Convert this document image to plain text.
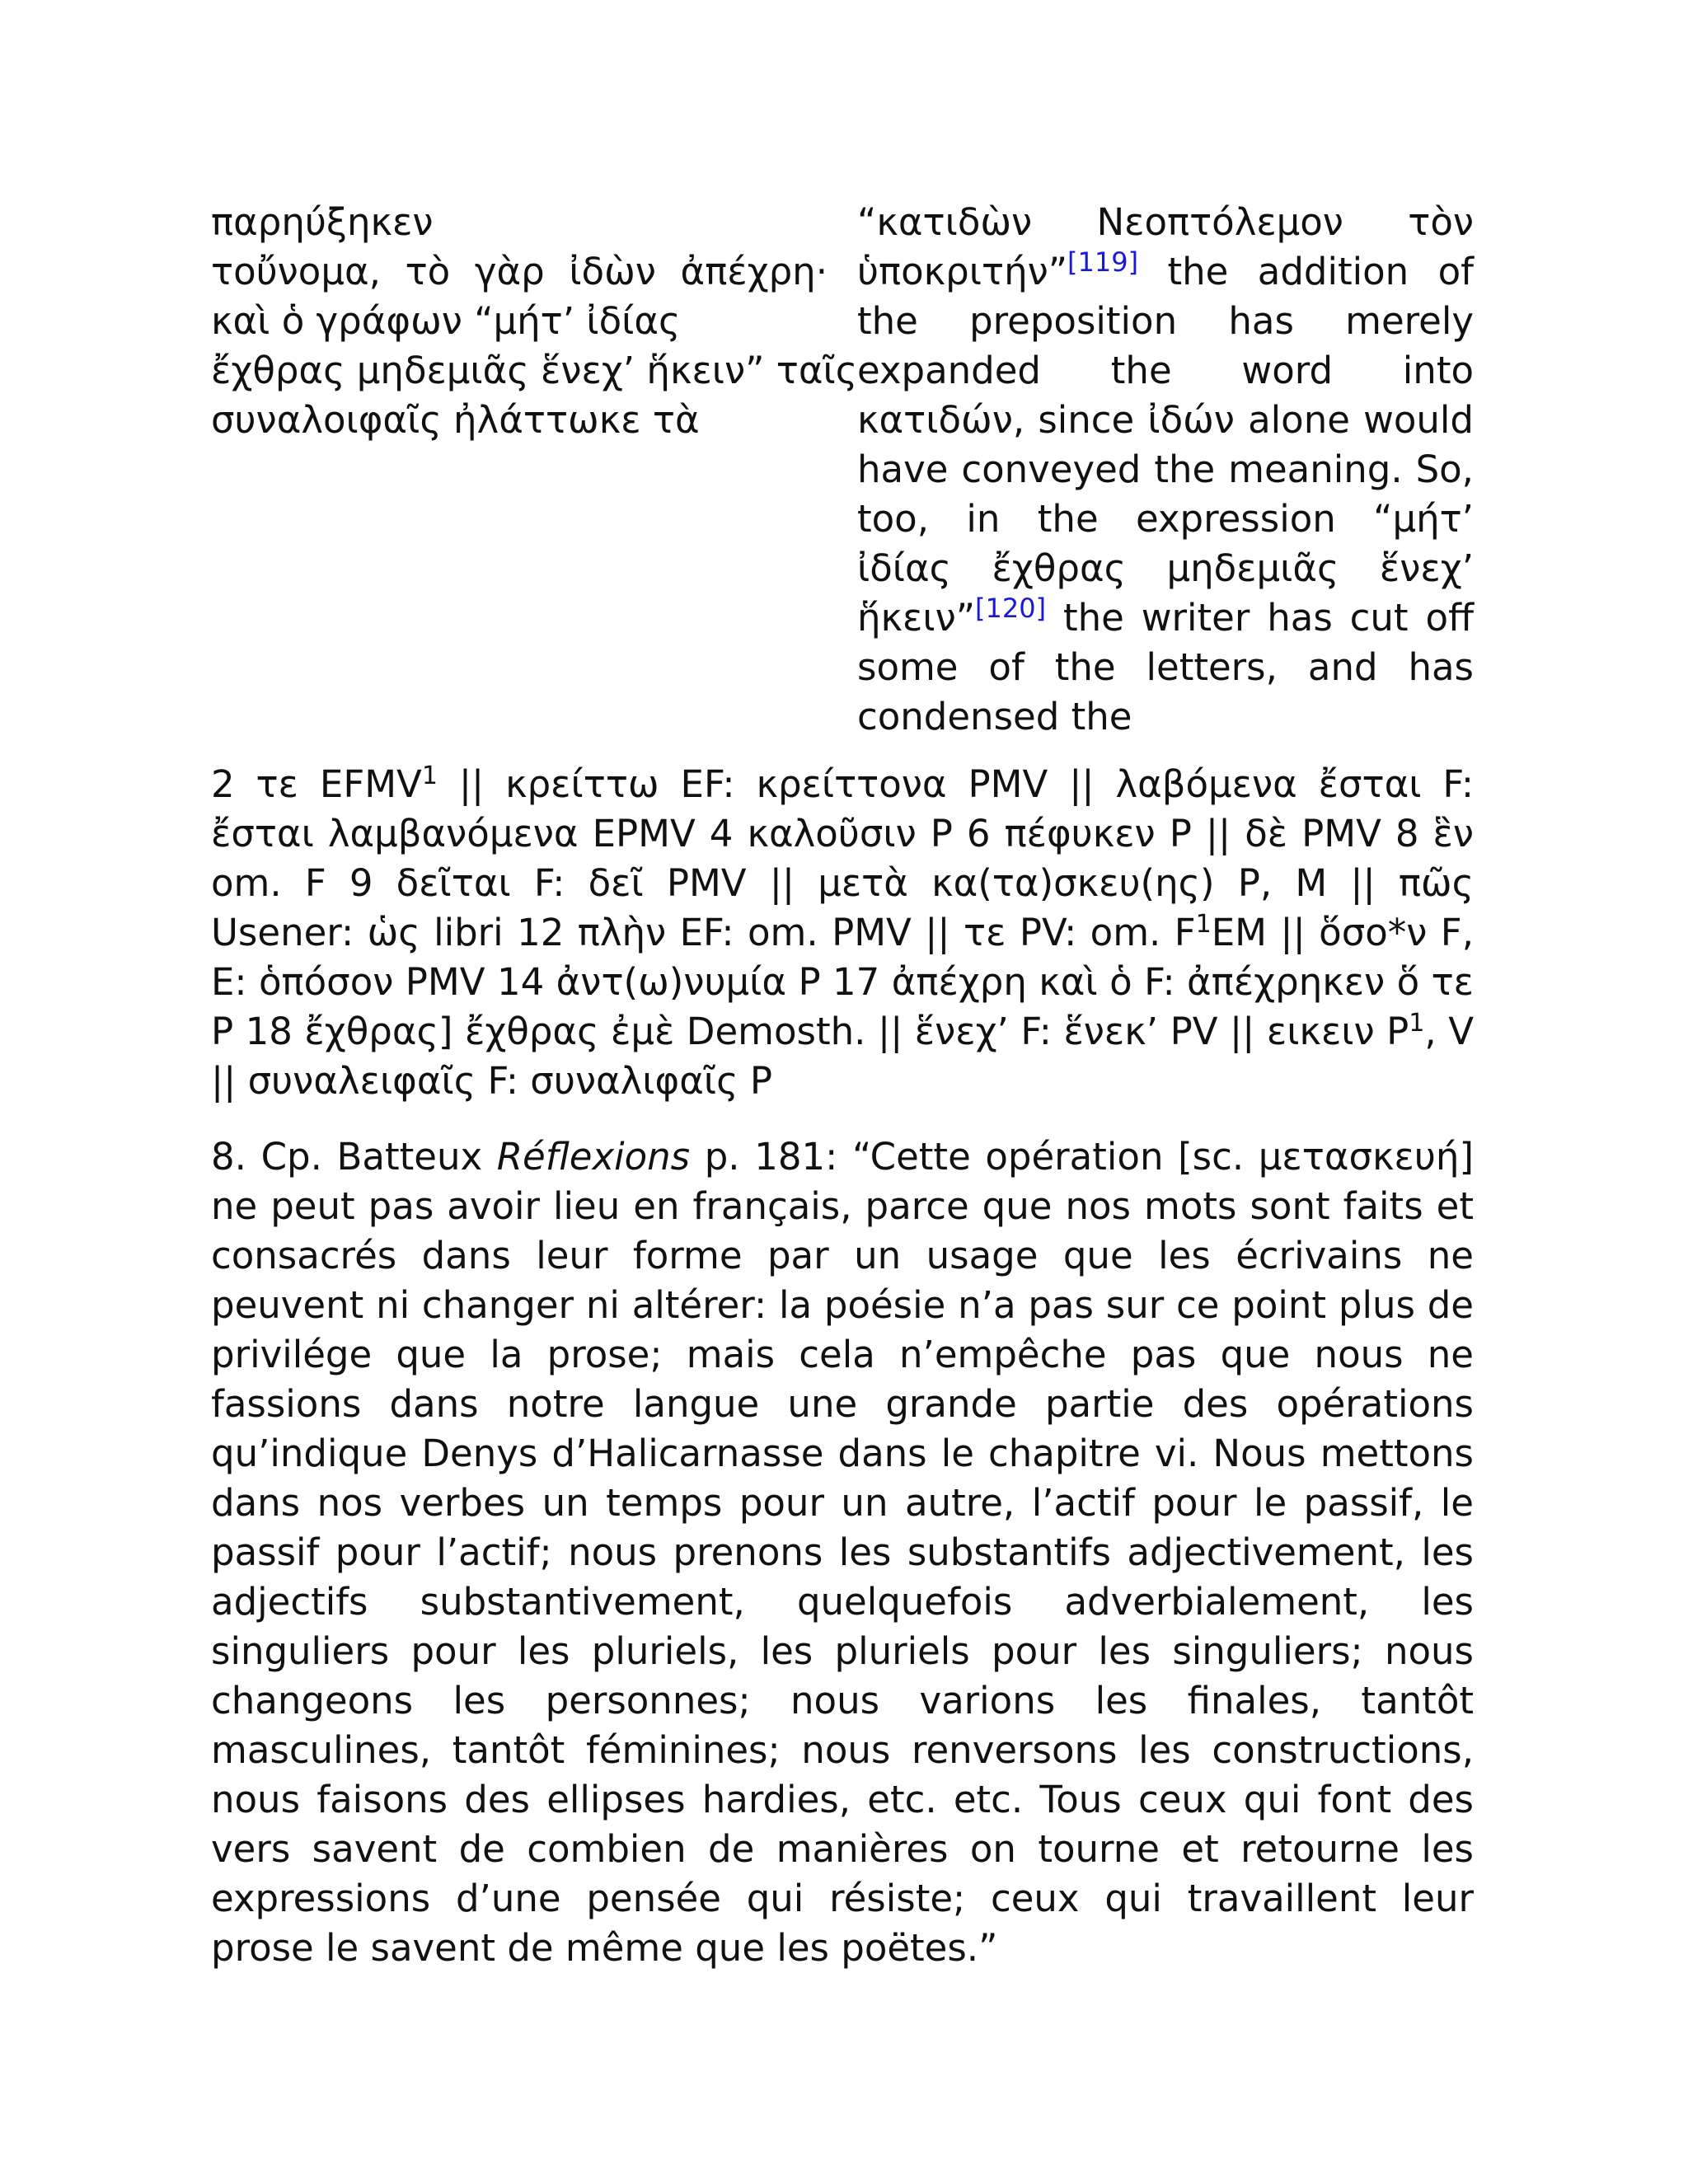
παρηύξηκεν
τοὔνομα, τὸ γὰρ ἰδὼν ἀπέχρη·
καὶ ὁ γράφων “μήτ’ ἰδίας
ἔχθρας μηδεμιᾶς ἕνεχ’ ἥκειν” ταῖς
συναλοιφαῖς ἠλάττωκε τὰ
“κατιδὼν Νεοπτόλεμον τὸν ὑποκριτήν”[119] the addition of the preposition has merely expanded the word into κατιδών, since ἰδών alone would have conveyed the meaning. So, too, in the expression “μήτ’ ἰδίας ἔχθρας μηδεμιᾶς ἕνεχ’ ἥκειν”[120] the writer has cut off some of the letters, and has condensed the
2 τε EFMV$^1$ || κρείττω EF: κρείττονα PMV || λαβόμενα ἔσται F: ἔσται λαμβανόμενα EPMV 4 καλοῦσιν P 6 πέφυκεν P || δὲ PMV 8 ἓν om. F 9 δεῖται F: δεῖ PMV || μετὰ κα(τα)σκευ(ης) P, M || πῶς Usener: ὡς libri 12 πλὴν EF: om. PMV || τε PV: om. $F^1EM$ || ὅσο*ν F, E: ὁπόσον PMV 14 ἀντ(ω)νυμία P 17 ἀπέχρη καὶ ὁ F: ἀπέχρηκεν ὅ τε P 18 ἔχθρας] ἔχθρας ἐμὲ Demosth. || ἕνεχ’ F: ἕνεκ’ PV || εικειν $P^1$, V || συναλειφαῖς F: συναλιφαῖς P
8. Cp. Batteux Réflexions p. 181: “Cette opération [sc. μετασκευή] ne peut pas avoir lieu en français, parce que nos mots sont faits et consacrés dans leur forme par un usage que les écrivains ne peuvent ni changer ni altérer: la poésie n’a pas sur ce point plus de privilége que la prose; mais cela n’empêche pas que nous ne fassions dans notre langue une grande partie des opérations qu’indique Denys d’Halicarnasse dans le chapitre vi. Nous mettons dans nos verbes un temps pour un autre, l’actif pour le passif, le passif pour l’actif; nous prenons les substantifs adjectivement, les adjectifs substantivement, quelquefois adverbialement, les singuliers pour les pluriels, les pluriels pour les singuliers; nous changeons les personnes; nous varions les finales, tantôt masculines, tantôt féminines; nous renversons les constructions, nous faisons des ellipses hardies, etc. etc. Tous ceux qui font des vers savent de combien de manières on tourne et retourne les expressions d’une pensée qui résiste; ceux qui travaillent leur prose le savent de même que les poëtes.”
